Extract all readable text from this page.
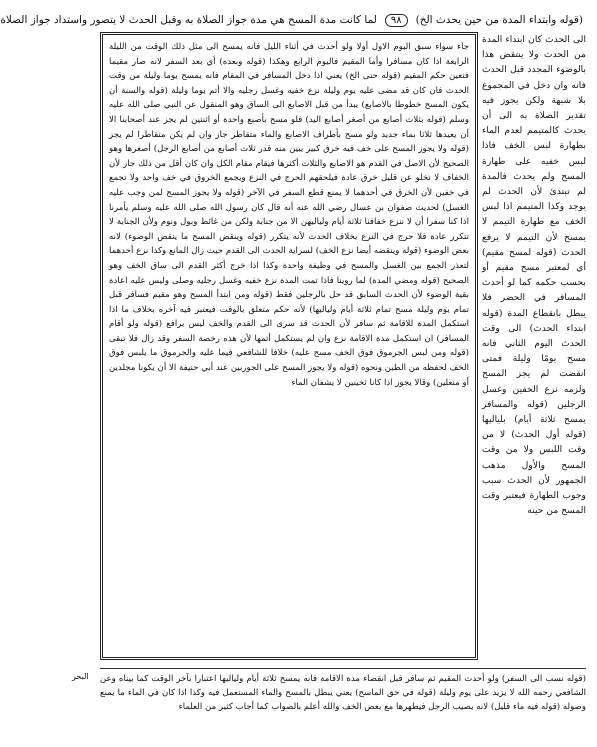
(قوله وابتداء المدة من حين يحدث الخ)
٩٨
لما كانت مدة المسح هي مدة جواز الصلاة به وقبل الحدث لا يتصور واستداد جواز الصلاة

الى الحدث كان ابتداء المدة من الحدث ولا ينتقض هذا بالوضوء المجدد قبل الحدث فانه وان دخل في المجموع بلا شبهة ولكن يجوز فيه تقدير الصلاة به الى أن يحدث كالمتيمم لعدم الماء بطهارة لبس الخف فاذا لبس خفيه على طهارة المسح ولم يحدث فالمدة لم تبتدئ لأن الحدث لم يوجد وكذا المتيمم اذا لبس الخف مع طهارة التيمم لا يمسح لأن التيمم لا يرفع الحدث (قوله لمسح مقيم) أي لمعتبر مسح مقيم أو بحسب حكمه كما لو أحدث المسافر في الحضر فلا يبطل بانقطاع المدة (قوله ابتداء الحدث) الى وقت الحدث اليوم الثاني فانه مسح يومًا وليلة فمتى انقضت لم يجز المسح ولزمه نزع الخفين وغسل الرجلين (قوله والمسافر يمسح ثلاثة أيام) بلياليها (قوله أول الحدث) لا من وقت اللبس ولا من وقت المسح والأول مذهب الجمهور لأن الحدث سبب وجوب الطهارة فيعتبر وقت المسح من حينه

جاء سواء سبق اليوم الاول أولا ولو أحدث في أثناء الليل فانه يمسح الى مثل ذلك الوقت من الليلة الرابعة اذا كان مسافرا وأما المقيم فاليوم الرابع وهكذا (قوله وبعده) أي بعد السفر لانه صار مقيما فتعين حكم المقيم (قوله حتى الخ) يعني اذا دخل المسافر في المقام فانه يمسح يوما وليلة من وقت الحدث فان كان قد مضى عليه يوم وليلة نزع خفيه وغسل رجليه والا أتم يوما وليلة (قوله والسنة أن يكون المسح خطوطا بالاصابع) يبدأ من قبل الاصابع الى الساق وهو المنقول عن النبي صلى الله عليه وسلم (قوله بثلاث أصابع من أصغر أصابع اليد) فلو مسح بأصبع واحدة أو اثنتين لم يجز عند أصحابنا الا أن يعيدها ثلاثا بماء جديد ولو مسح بأطراف الاصابع والماء متقاطر جاز وان لم يكن متقاطرا لم يجز (قوله ولا يجوز المسح على خف فيه خرق كبير يبين منه قدر ثلاث أصابع من أصابع الرجل) أصغرها وهو الصحيح لأن الاصل في القدم هو الاصابع والثلاث أكثرها فيقام مقام الكل وان كان أقل من ذلك جاز لأن الخفاف لا تخلو عن قليل خرق عادة فيلحقهم الحرج في النزع ويجمع الخروق في خف واحد ولا تجمع في خفين لأن الخرق في أحدهما لا يمنع قطع السفر في الآخر (قوله ولا يجوز المسح لمن وجب عليه الغسل) لحديث صفوان بن عسال رضي الله عنه أنه قال كان رسول الله صلى الله عليه وسلم يأمرنا اذا كنا سفرا أن لا ننزع خفافنا ثلاثة أيام ولياليهن الا من جنابة ولكن من غائط وبول ونوم ولأن الجنابة لا تتكرر عادة فلا حرج في النزع بخلاف الحدث لأنه يتكرر (قوله وينقض المسح ما ينقض الوضوء) لانه بعض الوضوء (قوله وينقضه أيضا نزع الخف) لسراية الحدث الى القدم حيث زال المانع وكذا نزع أحدهما لتعذر الجمع بين الغسل والمسح في وظيفة واحدة وكذا اذا خرج أكثر القدم الى ساق الخف وهو الصحيح (قوله ومضي المدة) لما روينا فاذا تمت المدة نزع خفيه وغسل رجليه وصلى وليس عليه اعادة بقية الوضوء لأن الحدث السابق قد حل بالرجلين فقط (قوله ومن ابتدأ المسح وهو مقيم فسافر قبل تمام يوم وليلة مسح تمام ثلاثة أيام ولياليها) لأنه حكم متعلق بالوقت فيعتبر فيه آخره بخلاف ما اذا استكمل المدة للاقامة ثم سافر لأن الحدث قد سرى الى القدم والخف ليس برافع (قوله ولو أقام المسافر) ان استكمل مدة الاقامة نزع وان لم يستكمل أتمها لأن هذه رخصة السفر وقد زال فلا تبقى (قوله ومن لبس الجرموق فوق الخف مسح عليه) خلافا للشافعي فيما عليه والجرموق ما يلبس فوق الخف لحفظه من الطين ونحوه (قوله ولا يجوز المسح على الجوربين عند أبي حنيفة الا أن يكونا مجلدين أو منعلين) وقالا يجوز اذا كانا ثخينين لا يشفان الماء

(قوله نسب الى السفر) ولو أحدث المقيم ثم سافر قبل انقضاء مدة الاقامة فانه يمسح ثلاثة أيام ولياليها اعتبارا بآخر الوقت كما بيناه وعن الشافعي رحمه الله لا يزيد على يوم وليلة (قوله في حق الماسح) يعني يبطل بالمسح والماء المستعمل فيه وكذا اذا كان في الماء ما يمنع وصوله (قوله فيه ماء قليل) لانه يصيب الرجل فيطهرها مع بعض الخف والله أعلم بالصواب كما أجاب كثير من العلماء

البحر
